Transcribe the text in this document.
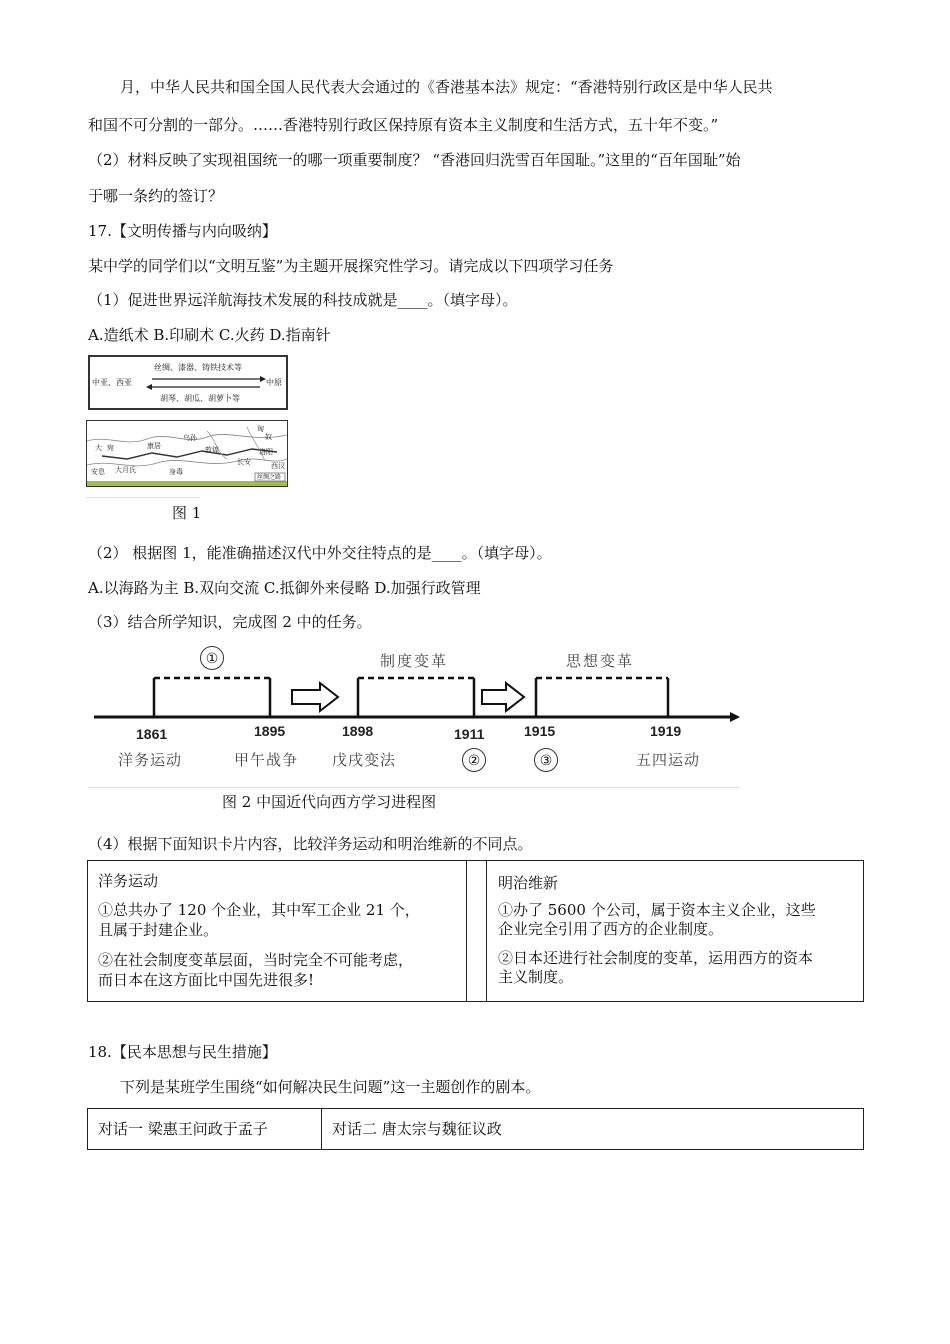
月，中华人民共和国全国人民代表大会通过的《香港基本法》规定：“香港特别行政区是中华人民共
和国不可分割的一部分。……香港特别行政区保持原有资本主义制度和生活方式，五十年不变。”
（2）材料反映了实现祖国统一的哪一项重要制度？ “香港回归洗雪百年国耻。”这里的“百年国耻”始
于哪一条约的签订？
17.【文明传播与内向吸纳】
某中学的同学们以“文明互鉴”为主题开展探究性学习。请完成以下四项学习任务
（1）促进世界远洋航海技术发展的科技成就是____。（填字母）。
A.造纸术 B.印刷术 C.火药 D.指南针
丝绸、漆器、铸铁技术等
中亚、西亚	中原
胡琴、胡瓜、胡萝卜等
匈
奴
大 宛
大月氏
安息
康居	敦煌
长安
洛阳
乌孙
身毒
西汉
丝绸之路
图 1
（2） 根据图 1，能准确描述汉代中外交往特点的是____。（填字母）。
A.以海路为主 B.双向交流 C.抵御外来侵略 D.加强行政管理
（3）结合所学知识，完成图 2 中的任务。
①	制度变革	思想变革
1861	1895	1898	1911	1915	1919
洋务运动	甲午战争 戊戌变法	五四运动
②	③
图 2 中国近代向西方学习进程图
（4）根据下面知识卡片内容，比较洋务运动和明治维新的不同点。
洋务运动
①总共办了 120 个企业，其中军工企业 21 个，
且属于封建企业。
②在社会制度变革层面，当时完全不可能考虑，
而日本在这方面比中国先进很多!
明治维新
①办了 5600 个公司，属于资本主义企业，这些
企业完全引用了西方的企业制度。
②日本还进行社会制度的变革，运用西方的资本
主义制度。
18.【民本思想与民生措施】
下列是某班学生围绕“如何解决民生问题”这一主题创作的剧本。
对话一 梁惠王问政于孟子	对话二 唐太宗与魏征议政
